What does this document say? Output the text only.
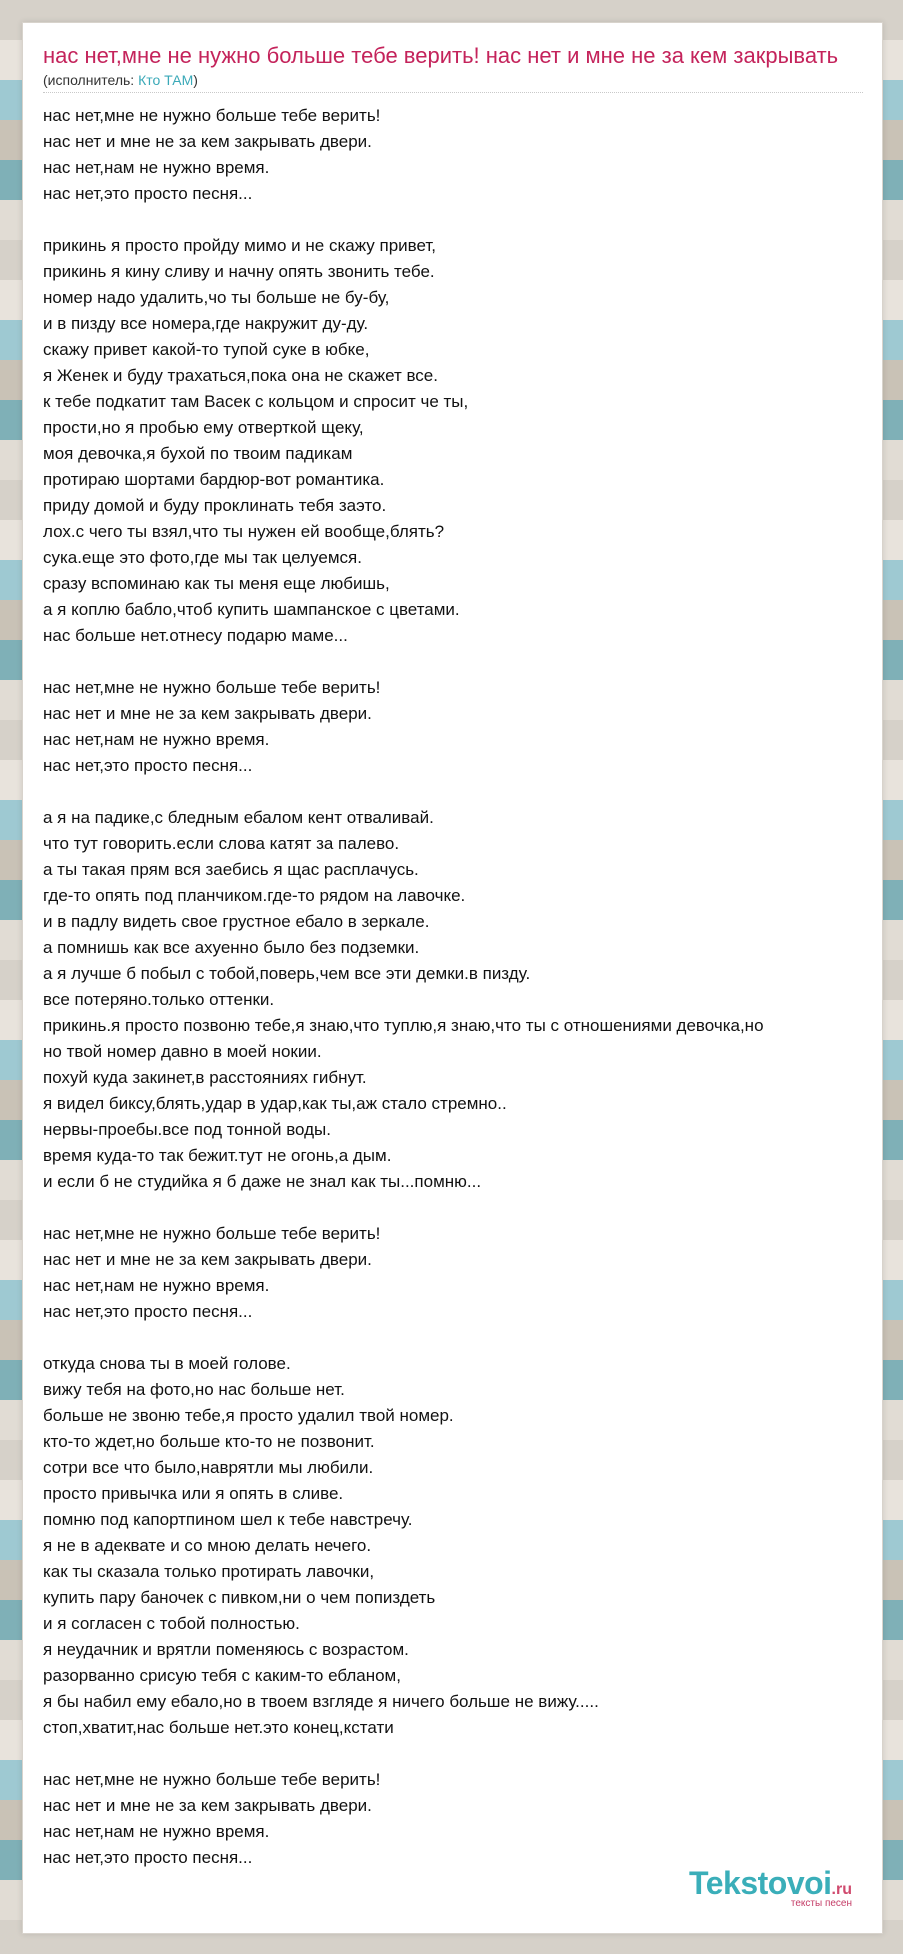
нас нет,мне не нужно больше тебе верить! нас нет и мне не за кем закрывать
(исполнитель: Кто ТАМ)
нас нет,мне не нужно больше тебе верить!
нас нет и мне не за кем закрывать двери.
нас нет,нам не нужно время.
нас нет,это просто песня...
прикинь я просто пройду мимо и не скажу привет,
прикинь я кину сливу и начну опять звонить тебе.
номер надо удалить,чо ты больше не бу-бу,
и в пизду все номера,где накружит ду-ду.
скажу привет какой-то тупой суке в юбке,
я Женек и буду трахаться,пока она не скажет все.
к тебе подкатит там Васек с кольцом и спросит че ты,
прости,но я пробью ему отверткой щеку,
моя девочка,я бухой по твоим падикам
протираю шортами бардюр-вот романтика.
приду домой и буду проклинать тебя заэто.
лох.с чего ты взял,что ты нужен ей вообще,блять?
сука.еще это фото,где мы так целуемся.
сразу вспоминаю как ты меня еще любишь,
а я коплю бабло,чтоб купить шампанское с цветами.
нас больше нет.отнесу подарю маме...
нас нет,мне не нужно больше тебе верить!
нас нет и мне не за кем закрывать двери.
нас нет,нам не нужно время.
нас нет,это просто песня...
а я на падике,с бледным ебалом кент отваливай.
что тут говорить.если слова катят за палево.
а ты такая прям вся заебись я щас расплачусь.
где-то опять под планчиком.где-то рядом на лавочке.
и в падлу видеть свое грустное ебало в зеркале.
а помнишь как все ахуенно было без подземки.
а я лучше б побыл с тобой,поверь,чем все эти демки.в пизду.
все потеряно.только оттенки.
прикинь.я просто позвоню тебе,я знаю,что туплю,я знаю,что ты с отношениями девочка,но
но твой номер давно в моей нокии.
похуй куда закинет,в расстояниях гибнут.
я видел биксу,блять,удар в удар,как ты,аж стало стремно..
нервы-проебы.все под тонной воды.
время куда-то так бежит.тут не огонь,а дым.
и если б не студийка я б даже не знал как ты...помню...
нас нет,мне не нужно больше тебе верить!
нас нет и мне не за кем закрывать двери.
нас нет,нам не нужно время.
нас нет,это просто песня...
откуда снова ты в моей голове.
вижу тебя на фото,но нас больше нет.
больше не звоню тебе,я просто удалил твой номер.
кто-то ждет,но больше кто-то не позвонит.
сотри все что было,наврятли мы любили.
просто привычка или я опять в сливе.
помню под капортпином шел к тебе навстречу.
я не в адеквате и со мною делать нечего.
как ты сказала только протирать лавочки,
купить пару баночек с пивком,ни о чем попиздеть
и я согласен с тобой полностью.
я неудачник и врятли поменяюсь с возрастом.
разорванно срисую тебя с каким-то ебланом,
я бы набил ему ебало,но в твоем взгляде я ничего больше не вижу.....
стоп,хватит,нас больше нет.это конец,кстати
нас нет,мне не нужно больше тебе верить!
нас нет и мне не за кем закрывать двери.
нас нет,нам не нужно время.
нас нет,это просто песня...
Tekstovoi.ru
тексты песен
